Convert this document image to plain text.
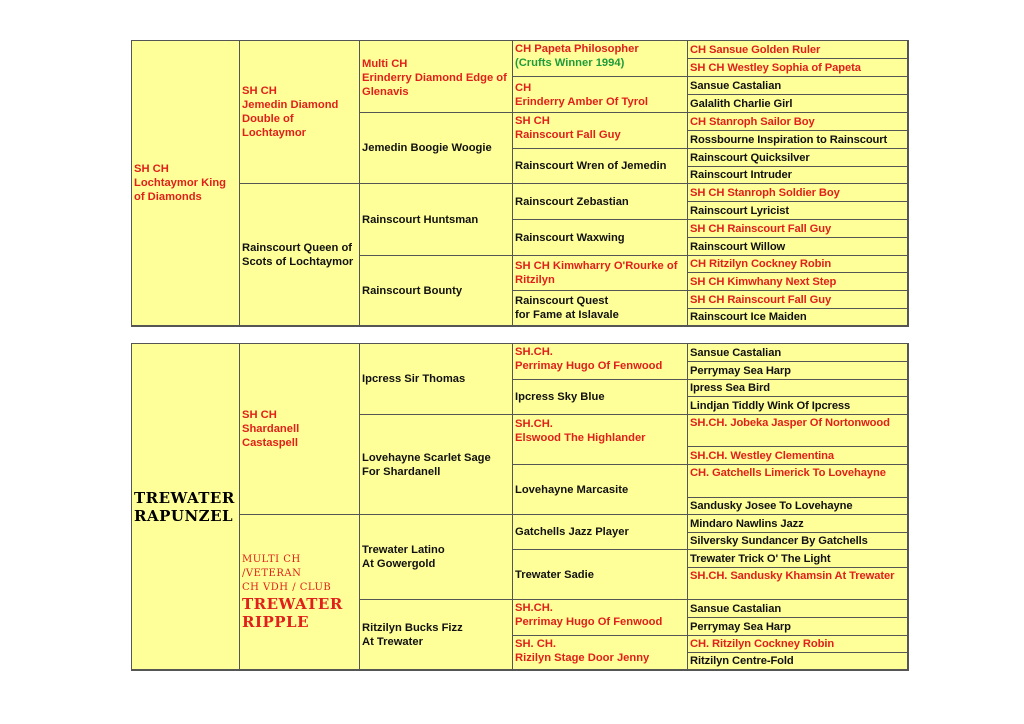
SH CH
Lochtaymor King of Diamonds
SH CH
Jemedin Diamond Double of Lochtaymor
Rainscourt Queen of Scots of Lochtaymor
Multi CH
Erinderry Diamond Edge of Glenavis
Jemedin Boogie Woogie
Rainscourt Huntsman
Rainscourt Bounty
CH Papeta Philosopher
(Crufts Winner 1994)
CH
Erinderry Amber Of Tyrol
SH CH
Rainscourt Fall Guy
Rainscourt Wren of Jemedin
Rainscourt Zebastian
Rainscourt Waxwing
SH CH Kimwharry O'Rourke of Ritzilyn
Rainscourt Quest
for Fame at Islavale
CH Sansue Golden Ruler
SH CH Westley Sophia of Papeta
Sansue Castalian
Galalith Charlie Girl
CH Stanroph Sailor Boy
Rossbourne Inspiration to Rainscourt
Rainscourt Quicksilver
Rainscourt Intruder
SH CH Stanroph Soldier Boy
Rainscourt Lyricist
SH CH Rainscourt Fall Guy
Rainscourt Willow
CH Ritzilyn Cockney Robin
SH CH Kimwhany Next Step
SH CH Rainscourt Fall Guy
Rainscourt Ice Maiden
TREWATER
RAPUNZEL
SH CH
Shardanell Castaspell
MULTI CH /VETERAN
CH VDH / CLUB
TREWATER
RIPPLE
Ipcress Sir Thomas
Lovehayne Scarlet Sage For Shardanell
Trewater Latino
At Gowergold
Ritzilyn Bucks Fizz
At Trewater
SH.CH.
Perrimay Hugo Of Fenwood
Ipcress Sky Blue
SH.CH.
Elswood The Highlander
Lovehayne Marcasite
Gatchells Jazz Player
Trewater Sadie
SH.CH.
Perrimay Hugo Of Fenwood
SH. CH.
Rizilyn Stage Door Jenny
Sansue Castalian
Perrymay Sea Harp
Ipress Sea Bird
Lindjan Tiddly Wink Of Ipcress
SH.CH. Jobeka Jasper Of Nortonwood
SH.CH. Westley Clementina
CH. Gatchells Limerick To Lovehayne
Sandusky Josee To Lovehayne
Mindaro Nawlins Jazz
Silversky Sundancer By Gatchells
Trewater Trick O' The Light
SH.CH. Sandusky Khamsin At Trewater
Sansue Castalian
Perrymay Sea Harp
CH. Ritzilyn Cockney Robin
Ritzilyn Centre-Fold
